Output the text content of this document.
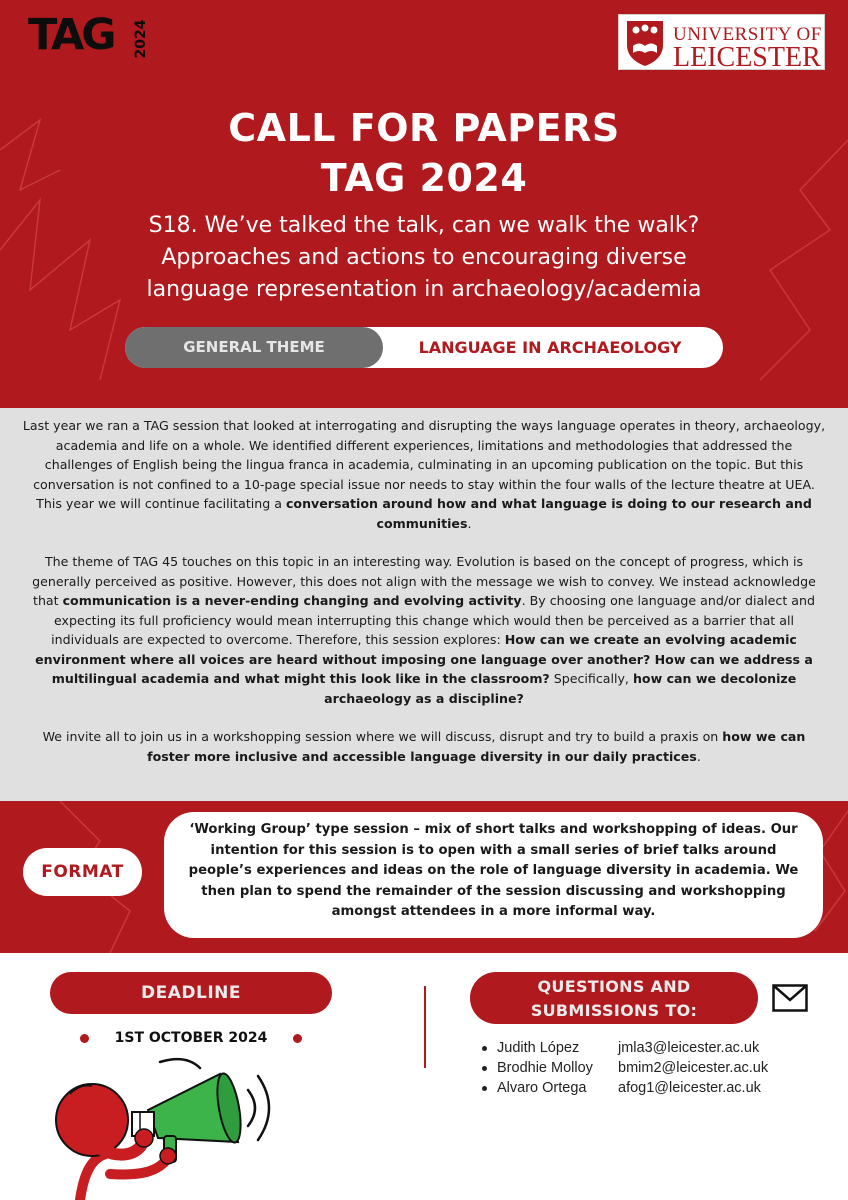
TAG 2024	UNIVERSITY OF
LEICESTER
CALL FOR PAPERS
TAG 2024
S18. We’ve talked the talk, can we walk the walk?
Approaches and actions to encouraging diverse
language representation in archaeology/academia
GENERAL THEME	LANGUAGE IN ARCHAEOLOGY

Last year we ran a TAG session that looked at interrogating and disrupting the ways language operates in theory, archaeology, academia and life on a whole. We identified different experiences, limitations and methodologies that addressed the challenges of English being the lingua franca in academia, culminating in an upcoming publication on the topic. But this conversation is not confined to a 10-page special issue nor needs to stay within the four walls of the lecture theatre at UEA. This year we will continue facilitating a conversation around how and what language is doing to our research and communities.

The theme of TAG 45 touches on this topic in an interesting way. Evolution is based on the concept of progress, which is generally perceived as positive. However, this does not align with the message we wish to convey. We instead acknowledge that communication is a never-ending changing and evolving activity. By choosing one language and/or dialect and expecting its full proficiency would mean interrupting this change which would then be perceived as a barrier that all individuals are expected to overcome. Therefore, this session explores: How can we create an evolving academic environment where all voices are heard without imposing one language over another? How can we address a multilingual academia and what might this look like in the classroom? Specifically, how can we decolonize archaeology as a discipline?

We invite all to join us in a workshopping session where we will discuss, disrupt and try to build a praxis on how we can foster more inclusive and accessible language diversity in our daily practices.

FORMAT
‘Working Group’ type session – mix of short talks and workshopping of ideas. Our intention for this session is to open with a small series of brief talks around people’s experiences and ideas on the role of language diversity in academia. We then plan to spend the remainder of the session discussing and workshopping amongst attendees in a more informal way.
DEADLINE
1ST OCTOBER 2024
QUESTIONS AND
SUBMISSIONS TO:
Judith López	jmla3@leicester.ac.uk
Brodhie Molloy bmim2@leicester.ac.uk
Alvaro Ortega afog1@leicester.ac.uk
